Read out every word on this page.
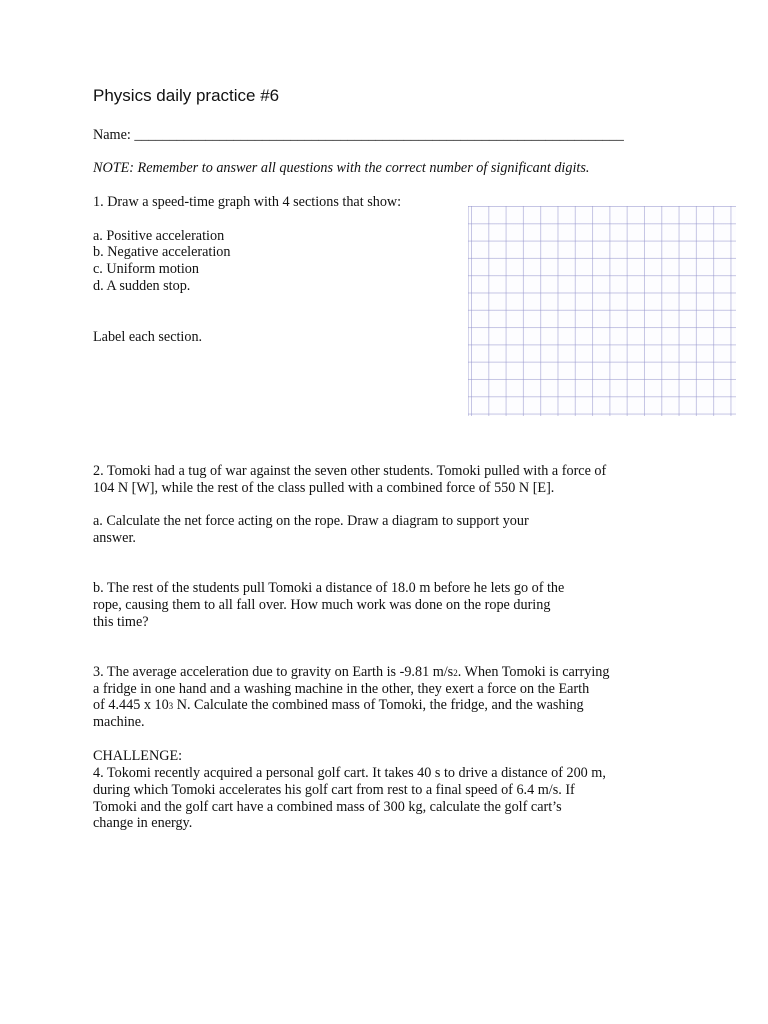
Physics daily practice #6
Name: _____________________________________________________________________
NOTE: Remember to answer all questions with the correct number of significant digits.
1. Draw a speed-time graph with 4 sections that show:
a. Positive acceleration
b. Negative acceleration
c. Uniform motion
d. A sudden stop.
Label each section.
2. Tomoki had a tug of war against the seven other students. Tomoki pulled with a force of
104 N [W], while the rest of the class pulled with a combined force of 550 N [E].
a. Calculate the net force acting on the rope. Draw a diagram to support your
answer.
b. The rest of the students pull Tomoki a distance of 18.0 m before he lets go of the
rope, causing them to all fall over. How much work was done on the rope during
this time?
3. The average acceleration due to gravity on Earth is -9.81 m/s2. When Tomoki is carrying
a fridge in one hand and a washing machine in the other, they exert a force on the Earth
of 4.445 x 103 N. Calculate the combined mass of Tomoki, the fridge, and the washing
machine.
CHALLENGE:
4. Tokomi recently acquired a personal golf cart. It takes 40 s to drive a distance of 200 m,
during which Tomoki accelerates his golf cart from rest to a final speed of 6.4 m/s. If
Tomoki and the golf cart have a combined mass of 300 kg, calculate the golf cart’s
change in energy.
